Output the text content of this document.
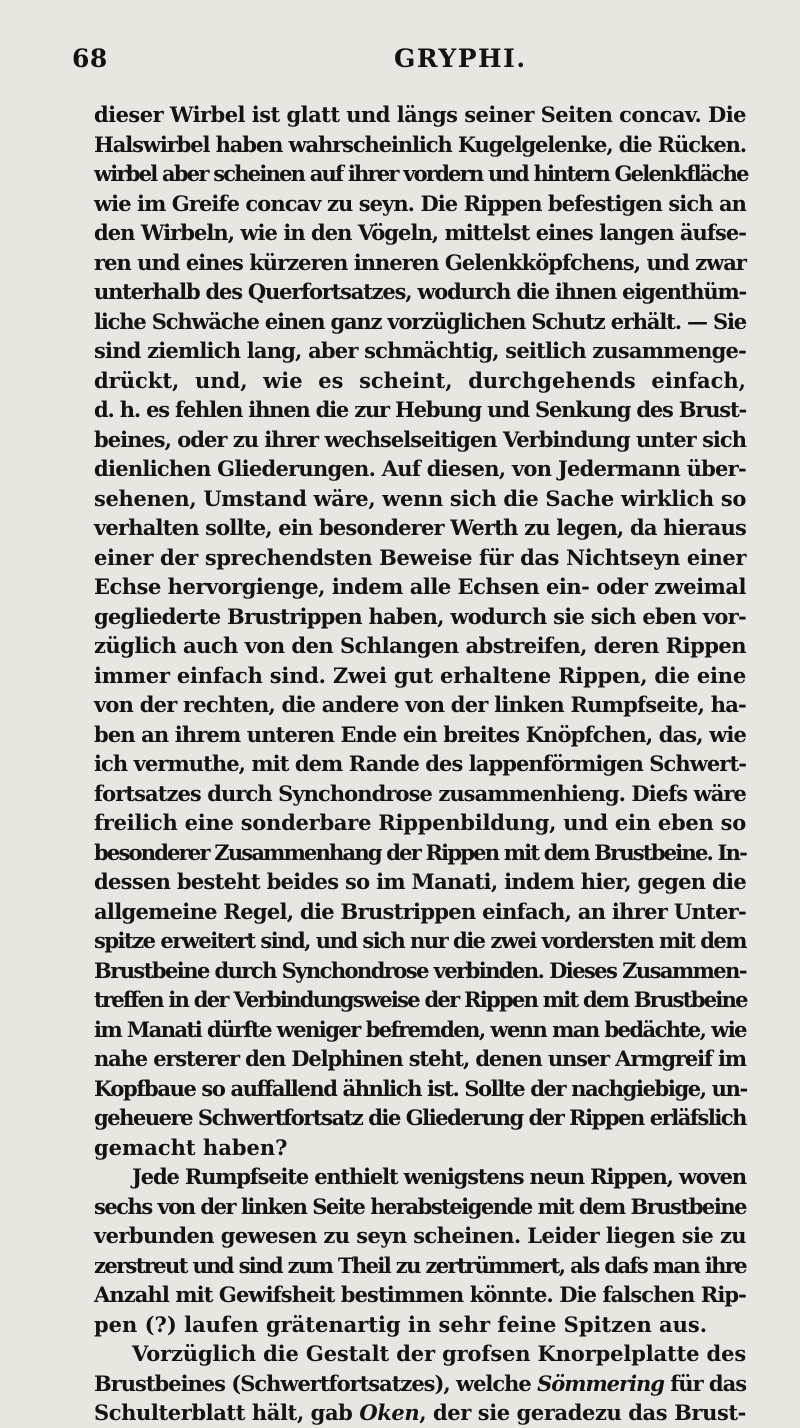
68	GRYPHI.
dieser Wirbel ist glatt und längs seiner Seiten concav. Die
Halswirbel haben wahrscheinlich Kugelgelenke, die Rücken.
wirbel aber scheinen auf ihrer vordern und hintern Gelenkfläche
wie im Greife concav zu seyn. Die Rippen befestigen sich an
den Wirbeln, wie in den Vögeln, mittelst eines langen äufse-
ren und eines kürzeren inneren Gelenkköpfchens, und zwar
unterhalb des Querfortsatzes, wodurch die ihnen eigenthüm-
liche Schwäche einen ganz vorzüglichen Schutz erhält. — Sie
sind ziemlich lang, aber schmächtig, seitlich zusammenge-
drückt, und, wie es scheint, durchgehends einfach,
d. h. es fehlen ihnen die zur Hebung und Senkung des Brust-
beines, oder zu ihrer wechselseitigen Verbindung unter sich
dienlichen Gliederungen. Auf diesen, von Jedermann über-
sehenen, Umstand wäre, wenn sich die Sache wirklich so
verhalten sollte, ein besonderer Werth zu legen, da hieraus
einer der sprechendsten Beweise für das Nichtseyn einer
Echse hervorgienge, indem alle Echsen ein- oder zweimal
gegliederte Brustrippen haben, wodurch sie sich eben vor-
züglich auch von den Schlangen abstreifen, deren Rippen
immer einfach sind. Zwei gut erhaltene Rippen, die eine
von der rechten, die andere von der linken Rumpfseite, ha-
ben an ihrem unteren Ende ein breites Knöpfchen, das, wie
ich vermuthe, mit dem Rande des lappenförmigen Schwert-
fortsatzes durch Synchondrose zusammenhieng. Diefs wäre
freilich eine sonderbare Rippenbildung, und ein eben so
besonderer Zusammenhang der Rippen mit dem Brustbeine. In-
dessen besteht beides so im Manati, indem hier, gegen die
allgemeine Regel, die Brustrippen einfach, an ihrer Unter-
spitze erweitert sind, und sich nur die zwei vordersten mit dem
Brustbeine durch Synchondrose verbinden. Dieses Zusammen-
treffen in der Verbindungsweise der Rippen mit dem Brustbeine
im Manati dürfte weniger befremden, wenn man bedächte, wie
nahe ersterer den Delphinen steht, denen unser Armgreif im
Kopfbaue so auffallend ähnlich ist. Sollte der nachgiebige, un-
geheuere Schwertfortsatz die Gliederung der Rippen erläfslich
gemacht haben?
Jede Rumpfseite enthielt wenigstens neun Rippen, woven
sechs von der linken Seite herabsteigende mit dem Brustbeine
verbunden gewesen zu seyn scheinen. Leider liegen sie zu
zerstreut und sind zum Theil zu zertrümmert, als dafs man ihre
Anzahl mit Gewifsheit bestimmen könnte. Die falschen Rip-
pen (?) laufen grätenartig in sehr feine Spitzen aus.
Vorzüglich die Gestalt der grofsen Knorpelplatte des
Brustbeines (Schwertfortsatzes), welche Sömmering für das
Schulterblatt hält, gab Oken, der sie geradezu das Brust-
